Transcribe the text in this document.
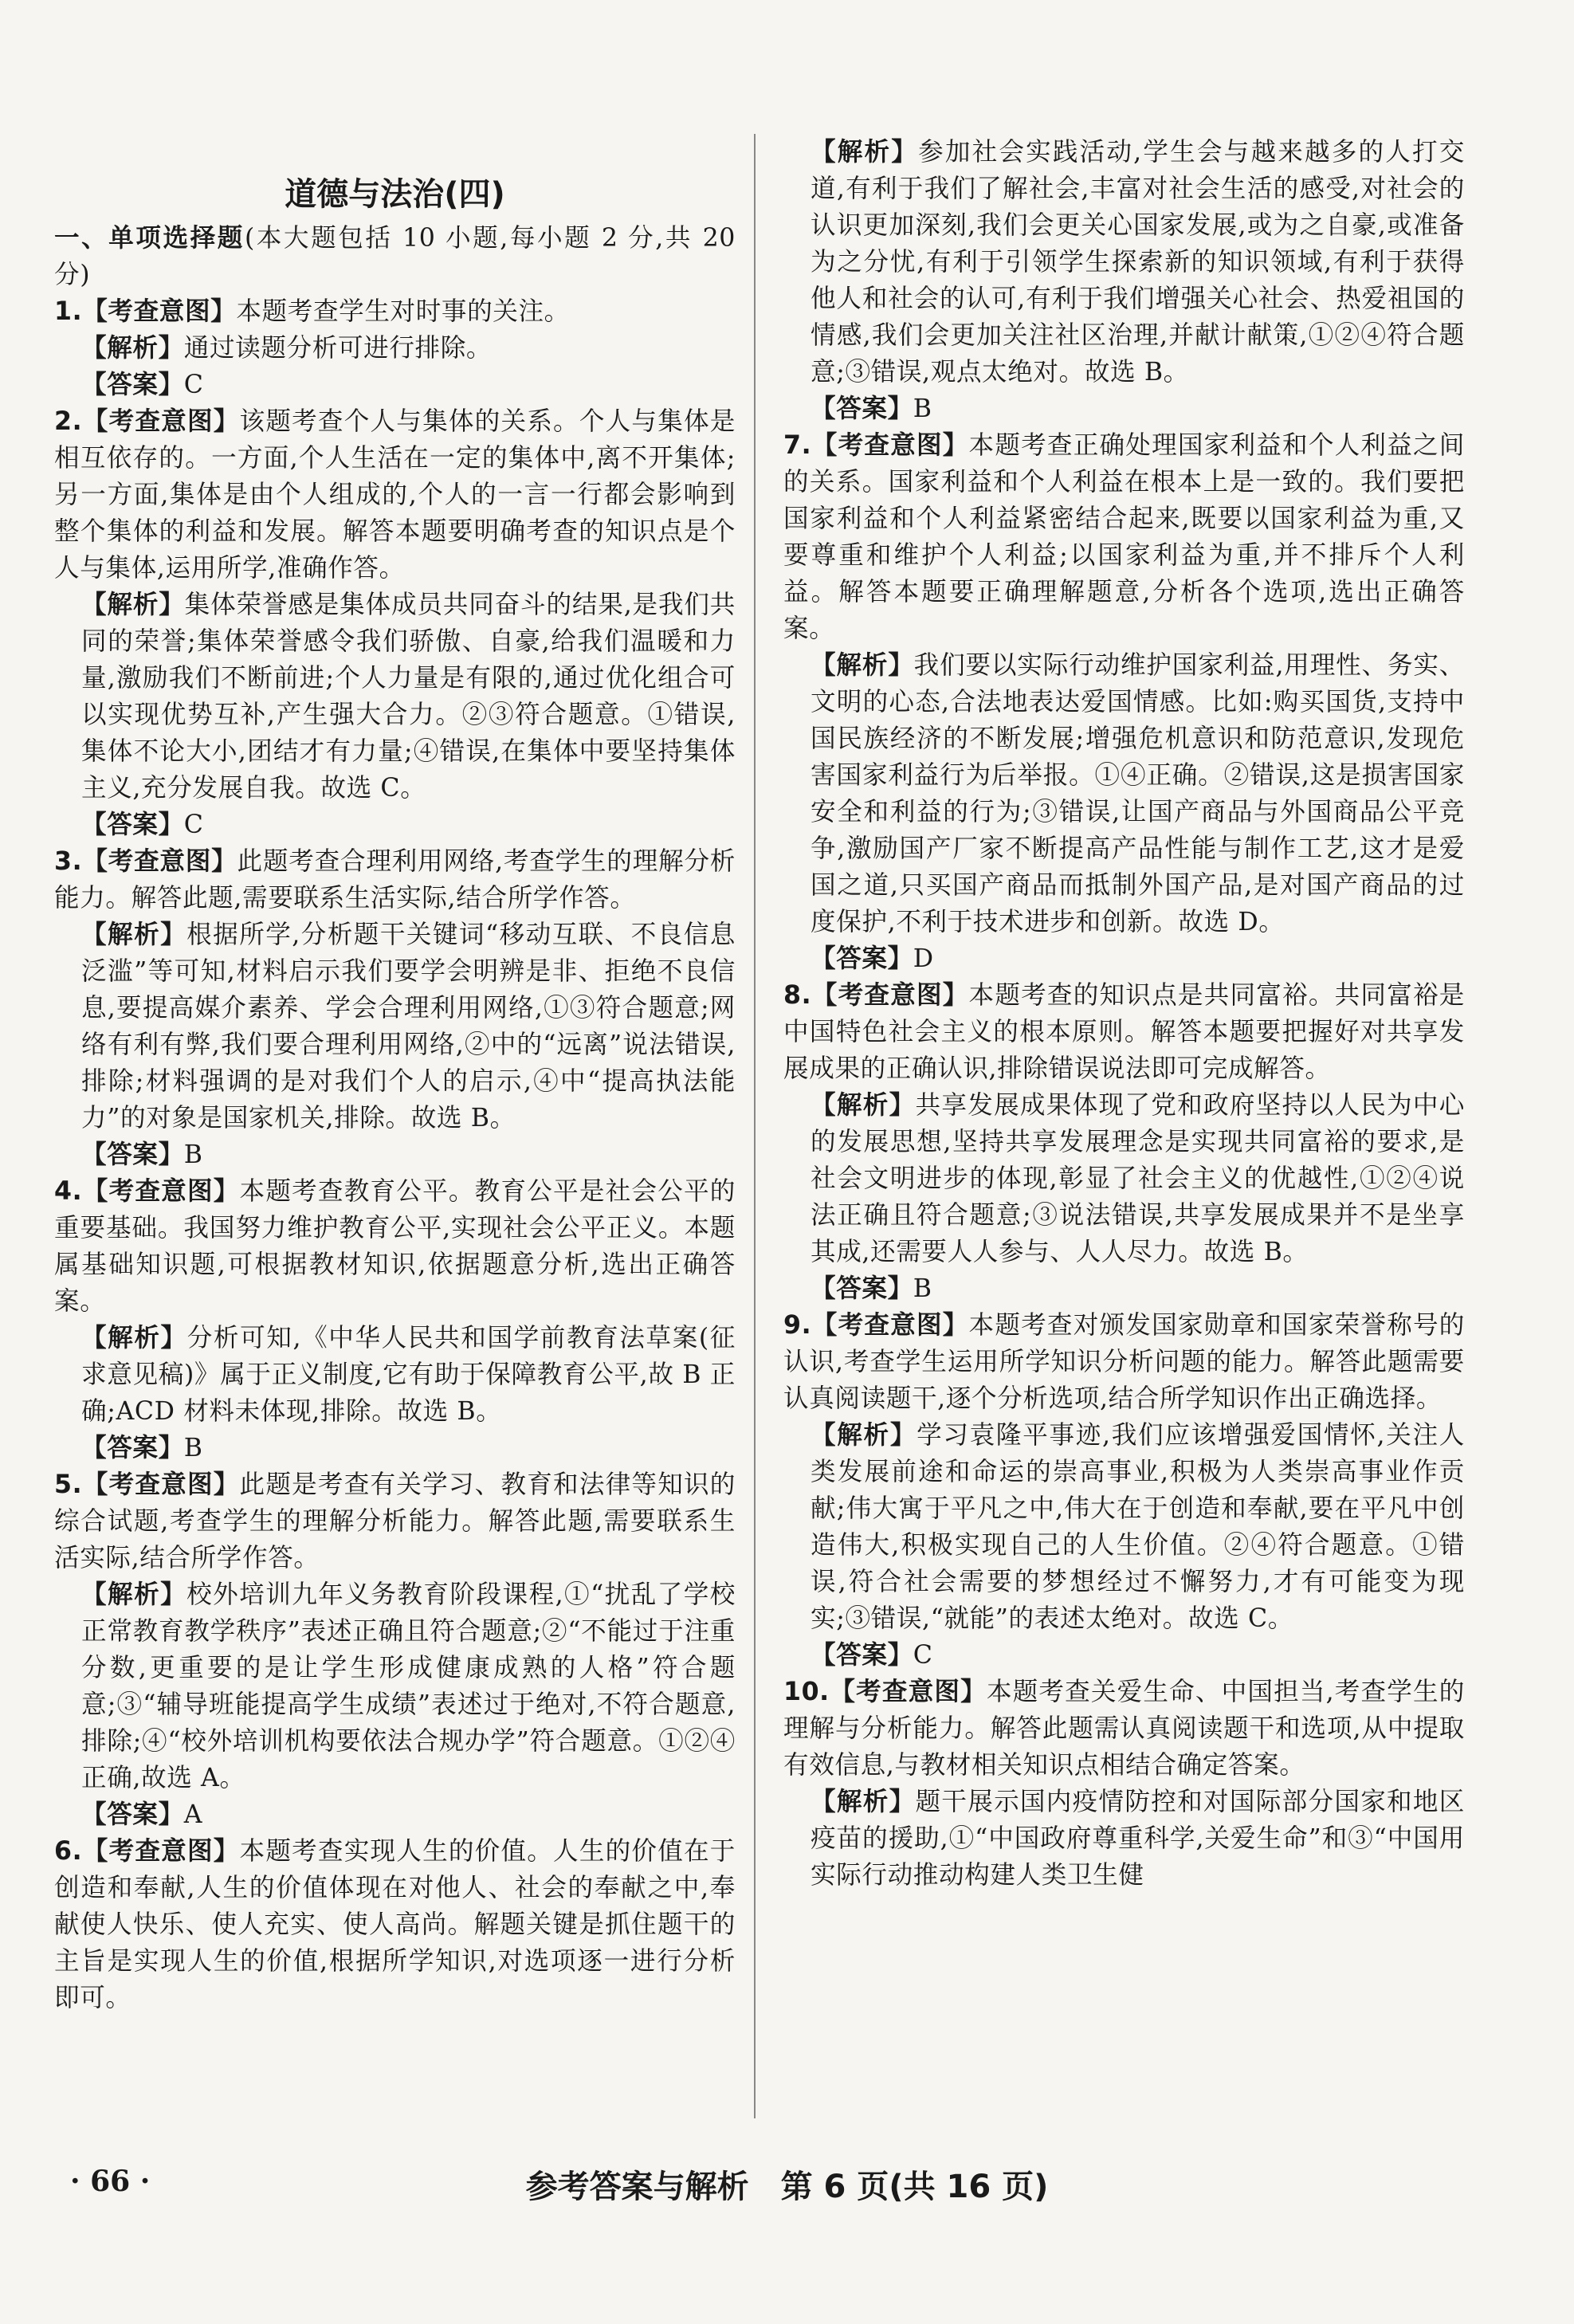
道德与法治(四)
一、单项选择题(本大题包括 10 小题,每小题 2 分,共 20 分)
1.【考查意图】本题考查学生对时事的关注。
【解析】通过读题分析可进行排除。
【答案】C
2.【考查意图】该题考查个人与集体的关系。个人与集体是相互依存的。一方面,个人生活在一定的集体中,离不开集体;另一方面,集体是由个人组成的,个人的一言一行都会影响到整个集体的利益和发展。解答本题要明确考查的知识点是个人与集体,运用所学,准确作答。
【解析】集体荣誉感是集体成员共同奋斗的结果,是我们共同的荣誉;集体荣誉感令我们骄傲、自豪,给我们温暖和力量,激励我们不断前进;个人力量是有限的,通过优化组合可以实现优势互补,产生强大合力。②③符合题意。①错误,集体不论大小,团结才有力量;④错误,在集体中要坚持集体主义,充分发展自我。故选 C。
【答案】C
3.【考查意图】此题考查合理利用网络,考查学生的理解分析能力。解答此题,需要联系生活实际,结合所学作答。
【解析】根据所学,分析题干关键词“移动互联、不良信息泛滥”等可知,材料启示我们要学会明辨是非、拒绝不良信息,要提高媒介素养、学会合理利用网络,①③符合题意;网络有利有弊,我们要合理利用网络,②中的“远离”说法错误,排除;材料强调的是对我们个人的启示,④中“提高执法能力”的对象是国家机关,排除。故选 B。
【答案】B
4.【考查意图】本题考查教育公平。教育公平是社会公平的重要基础。我国努力维护教育公平,实现社会公平正义。本题属基础知识题,可根据教材知识,依据题意分析,选出正确答案。
【解析】分析可知,《中华人民共和国学前教育法草案(征求意见稿)》属于正义制度,它有助于保障教育公平,故 B 正确;ACD 材料未体现,排除。故选 B。
【答案】B
5.【考查意图】此题是考查有关学习、教育和法律等知识的综合试题,考查学生的理解分析能力。解答此题,需要联系生活实际,结合所学作答。
【解析】校外培训九年义务教育阶段课程,①“扰乱了学校正常教育教学秩序”表述正确且符合题意;②“不能过于注重分数,更重要的是让学生形成健康成熟的人格”符合题意;③“辅导班能提高学生成绩”表述过于绝对,不符合题意,排除;④“校外培训机构要依法合规办学”符合题意。①②④正确,故选 A。
【答案】A
6.【考查意图】本题考查实现人生的价值。人生的价值在于创造和奉献,人生的价值体现在对他人、社会的奉献之中,奉献使人快乐、使人充实、使人高尚。解题关键是抓住题干的主旨是实现人生的价值,根据所学知识,对选项逐一进行分析即可。
【解析】参加社会实践活动,学生会与越来越多的人打交道,有利于我们了解社会,丰富对社会生活的感受,对社会的认识更加深刻,我们会更关心国家发展,或为之自豪,或准备为之分忧,有利于引领学生探索新的知识领域,有利于获得他人和社会的认可,有利于我们增强关心社会、热爱祖国的情感,我们会更加关注社区治理,并献计献策,①②④符合题意;③错误,观点太绝对。故选 B。
【答案】B
7.【考查意图】本题考查正确处理国家利益和个人利益之间的关系。国家利益和个人利益在根本上是一致的。我们要把国家利益和个人利益紧密结合起来,既要以国家利益为重,又要尊重和维护个人利益;以国家利益为重,并不排斥个人利益。解答本题要正确理解题意,分析各个选项,选出正确答案。
【解析】我们要以实际行动维护国家利益,用理性、务实、文明的心态,合法地表达爱国情感。比如:购买国货,支持中国民族经济的不断发展;增强危机意识和防范意识,发现危害国家利益行为后举报。①④正确。②错误,这是损害国家安全和利益的行为;③错误,让国产商品与外国商品公平竞争,激励国产厂家不断提高产品性能与制作工艺,这才是爱国之道,只买国产商品而抵制外国产品,是对国产商品的过度保护,不利于技术进步和创新。故选 D。
【答案】D
8.【考查意图】本题考查的知识点是共同富裕。共同富裕是中国特色社会主义的根本原则。解答本题要把握好对共享发展成果的正确认识,排除错误说法即可完成解答。
【解析】共享发展成果体现了党和政府坚持以人民为中心的发展思想,坚持共享发展理念是实现共同富裕的要求,是社会文明进步的体现,彰显了社会主义的优越性,①②④说法正确且符合题意;③说法错误,共享发展成果并不是坐享其成,还需要人人参与、人人尽力。故选 B。
【答案】B
9.【考查意图】本题考查对颁发国家勋章和国家荣誉称号的认识,考查学生运用所学知识分析问题的能力。解答此题需要认真阅读题干,逐个分析选项,结合所学知识作出正确选择。
【解析】学习袁隆平事迹,我们应该增强爱国情怀,关注人类发展前途和命运的崇高事业,积极为人类崇高事业作贡献;伟大寓于平凡之中,伟大在于创造和奉献,要在平凡中创造伟大,积极实现自己的人生价值。②④符合题意。①错误,符合社会需要的梦想经过不懈努力,才有可能变为现实;③错误,“就能”的表述太绝对。故选 C。
【答案】C
10.【考查意图】本题考查关爱生命、中国担当,考查学生的理解与分析能力。解答此题需认真阅读题干和选项,从中提取有效信息,与教材相关知识点相结合确定答案。
【解析】题干展示国内疫情防控和对国际部分国家和地区疫苗的援助,①“中国政府尊重科学,关爱生命”和③“中国用实际行动推动构建人类卫生健
· 66 ·	参考答案与解析　第 6 页(共 16 页)
